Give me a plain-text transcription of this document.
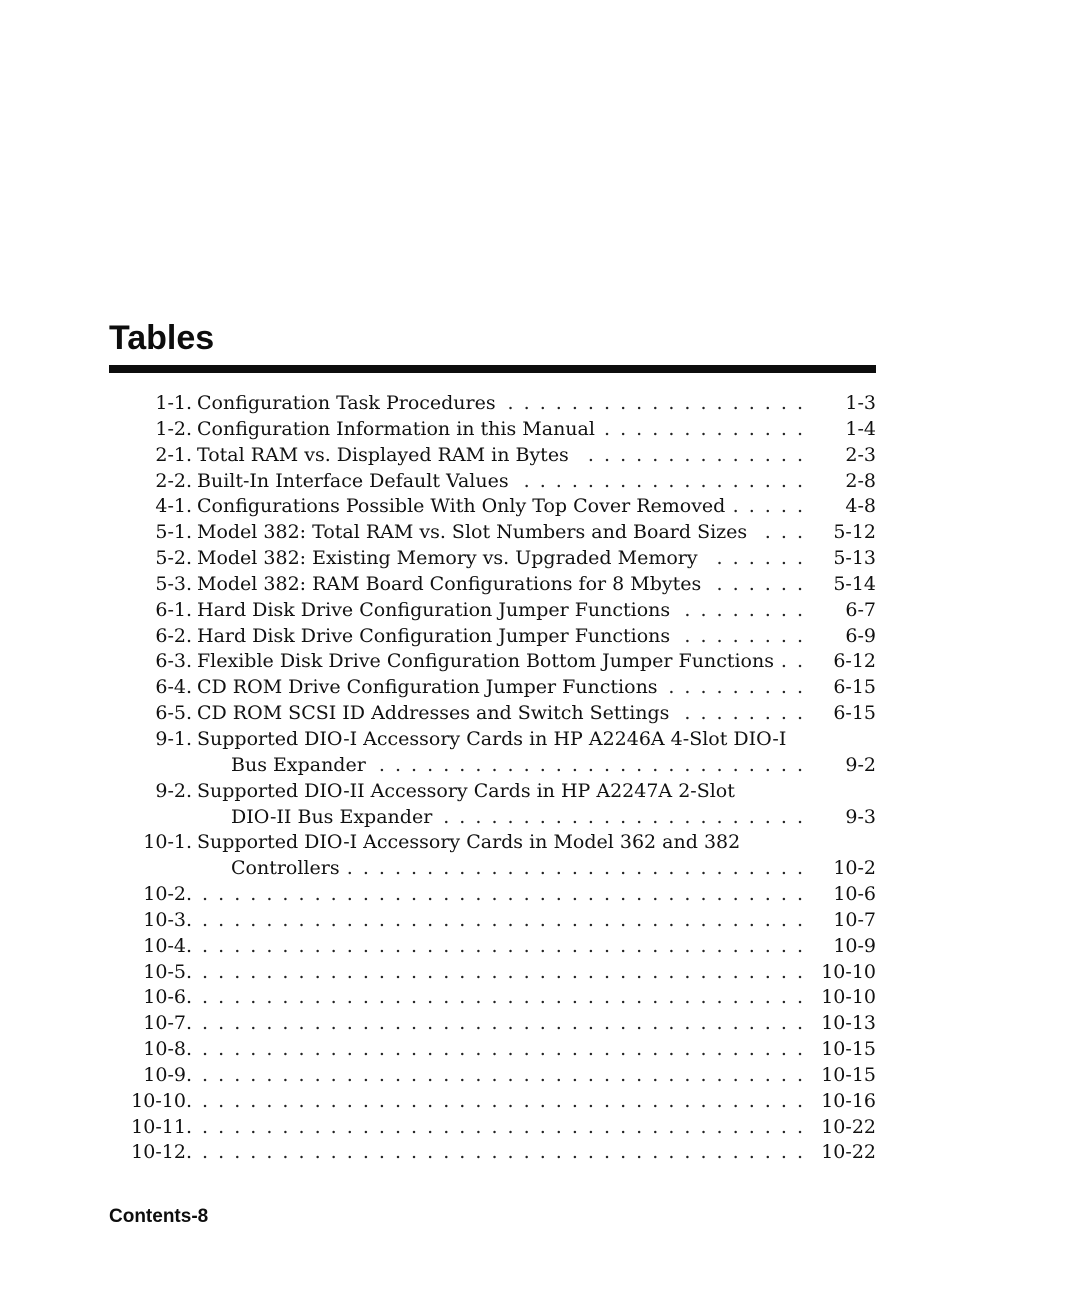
Tables
1-1. Configuration Task Procedures . . .	1-3
1-2. Configuration Information in this Manual . . .	1-4
2-1. Total RAM vs. Displayed RAM in Bytes . . .	2-3
2-2. Built-In Interface Default Values . . .	2-8
4-1. Configurations Possible With Only Top Cover Removed . . .	4-8
5-1. Model 382: Total RAM vs. Slot Numbers and Board Sizes . . .	5-12
5-2. Model 382: Existing Memory vs. Upgraded Memory . . .	5-13
5-3. Model 382: RAM Board Configurations for 8 Mbytes . . .	5-14
6-1. Hard Disk Drive Configuration Jumper Functions . . .	6-7
6-2. Hard Disk Drive Configuration Jumper Functions . . .	6-9
6-3. Flexible Disk Drive Configuration Bottom Jumper Functions . . .	6-12
6-4. CD ROM Drive Configuration Jumper Functions . . .	6-15
6-5. CD ROM SCSI ID Addresses and Switch Settings . . .	6-15
9-1. Supported DIO-I Accessory Cards in HP A2246A 4-Slot DIO-I
Bus Expander . . .	9-2
9-2. Supported DIO-II Accessory Cards in HP A2247A 2-Slot
DIO-II Bus Expander . . .	9-3
10-1. Supported DIO-I Accessory Cards in Model 362 and 382
Controllers . . .	10-2
10-2. . . .	10-6
10-3. . . .	10-7
10-4. . . .	10-9
10-5. . . .	10-10
10-6. . . .	10-10
10-7. . . .	10-13
10-8. . . .	10-15
10-9. . . .	10-15
10-10. . . .	10-16
10-11. . . .	10-22
10-12. . . .	10-22
Contents-8
